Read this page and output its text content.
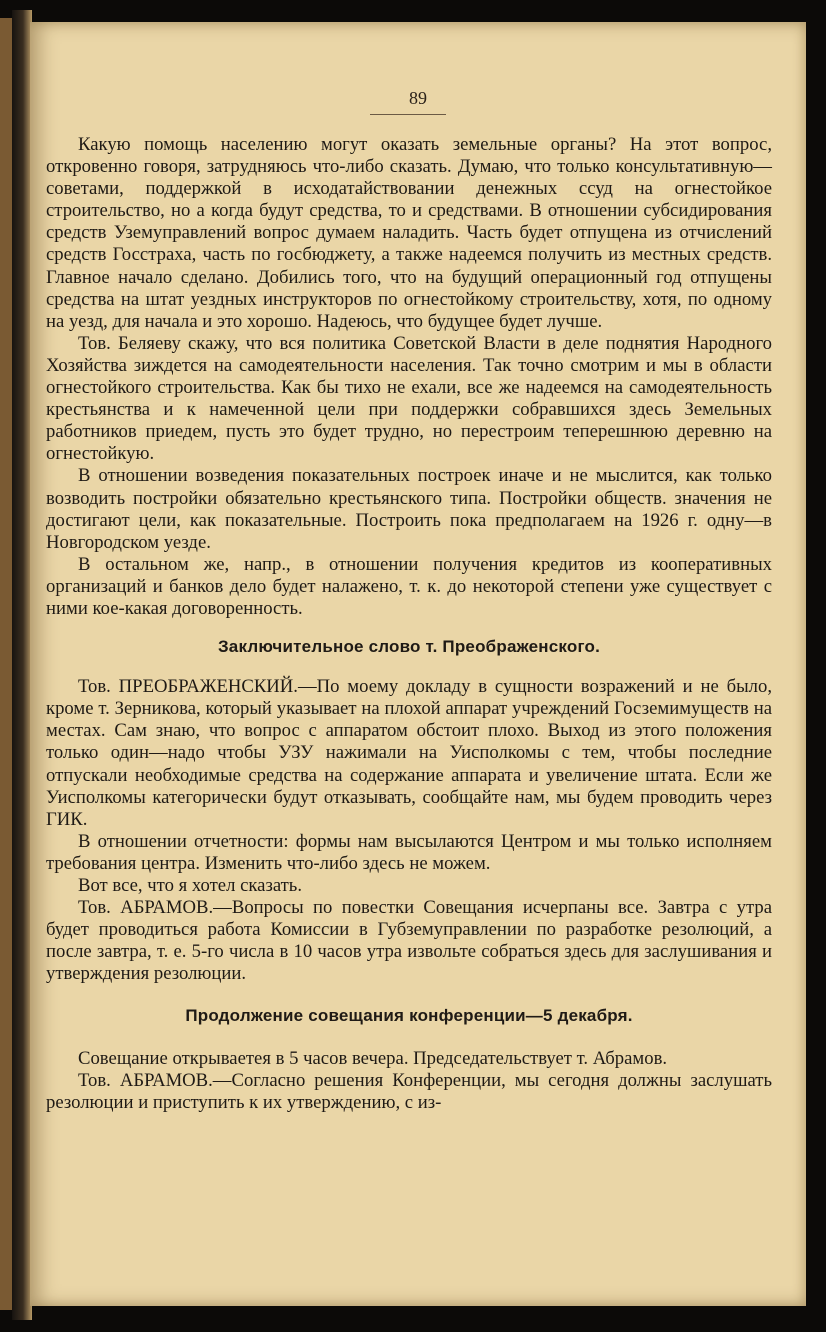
89

Какую помощь населению могут оказать земельные органы? На этот вопрос, откровенно говоря, затрудняюсь что-либо сказать. Думаю, что только консультативную—советами, поддержкой в исходатайствовании денежных ссуд на огнестойкое строительство, но а когда будут средства, то и средствами. В отношении субсидирования средств Уземуправлений вопрос думаем наладить. Часть будет отпущена из отчислений средств Госстраха, часть по госбюджету, а также надеемся получить из местных средств. Главное начало сделано. Добились того, что на будущий операционный год отпущены средства на штат уездных инструкторов по огнестойкому строительству, хотя, по одному на уезд, для начала и это хорошо. Надеюсь, что будущее будет лучше.

Тов. Беляеву скажу, что вся политика Советской Власти в деле поднятия Народного Хозяйства зиждется на самодеятельности населения. Так точно смотрим и мы в области огнестойкого строительства. Как бы тихо не ехали, все же надеемся на самодеятельность крестьянства и к намеченной цели при поддержки собравшихся здесь Земельных работников приедем, пусть это будет трудно, но перестроим теперешнюю деревню на огнестойкую.

В отношении возведения показательных построек иначе и не мыслится, как только возводить постройки обязательно крестьянского типа. Постройки обществ. значения не достигают цели, как показательные. Построить пока предполагаем на 1926 г. одну—в Новгородском уезде.

В остальном же, напр., в отношении получения кредитов из кооперативных организаций и банков дело будет налажено, т. к. до некоторой степени уже существует с ними кое-какая договоренность.

Заключительное слово т. Преображенского.

Тов. ПРЕОБРАЖЕНСКИЙ.—По моему докладу в сущности возражений и не было, кроме т. Зерникова, который указывает на плохой аппарат учреждений Госземимуществ на местах. Сам знаю, что вопрос с аппаратом обстоит плохо. Выход из этого положения только один—надо чтобы УЗУ нажимали на Уисполкомы с тем, чтобы последние отпускали необходимые средства на содержание аппарата и увеличение штата. Если же Уисполкомы категорически будут отказывать, сообщайте нам, мы будем проводить через ГИК.

В отношении отчетности: формы нам высылаются Центром и мы только исполняем требования центра. Изменить что-либо здесь не можем.

Вот все, что я хотел сказать.

Тов. АБРАМОВ.—Вопросы по повестки Совещания исчерпаны все. Завтра с утра будет проводиться работа Комиссии в Губземуправлении по разработке резолюций, а после завтра, т. е. 5-го числа в 10 часов утра извольте собраться здесь для заслушивания и утверждения резолюции.

Продолжение совещания конференции—5 декабря.

Совещание открываетея в 5 часов вечера. Председательствует т. Абрамов.

Тов. АБРАМОВ.—Согласно решения Конференции, мы сегодня должны заслушать резолюции и приступить к их утверждению, с из-
